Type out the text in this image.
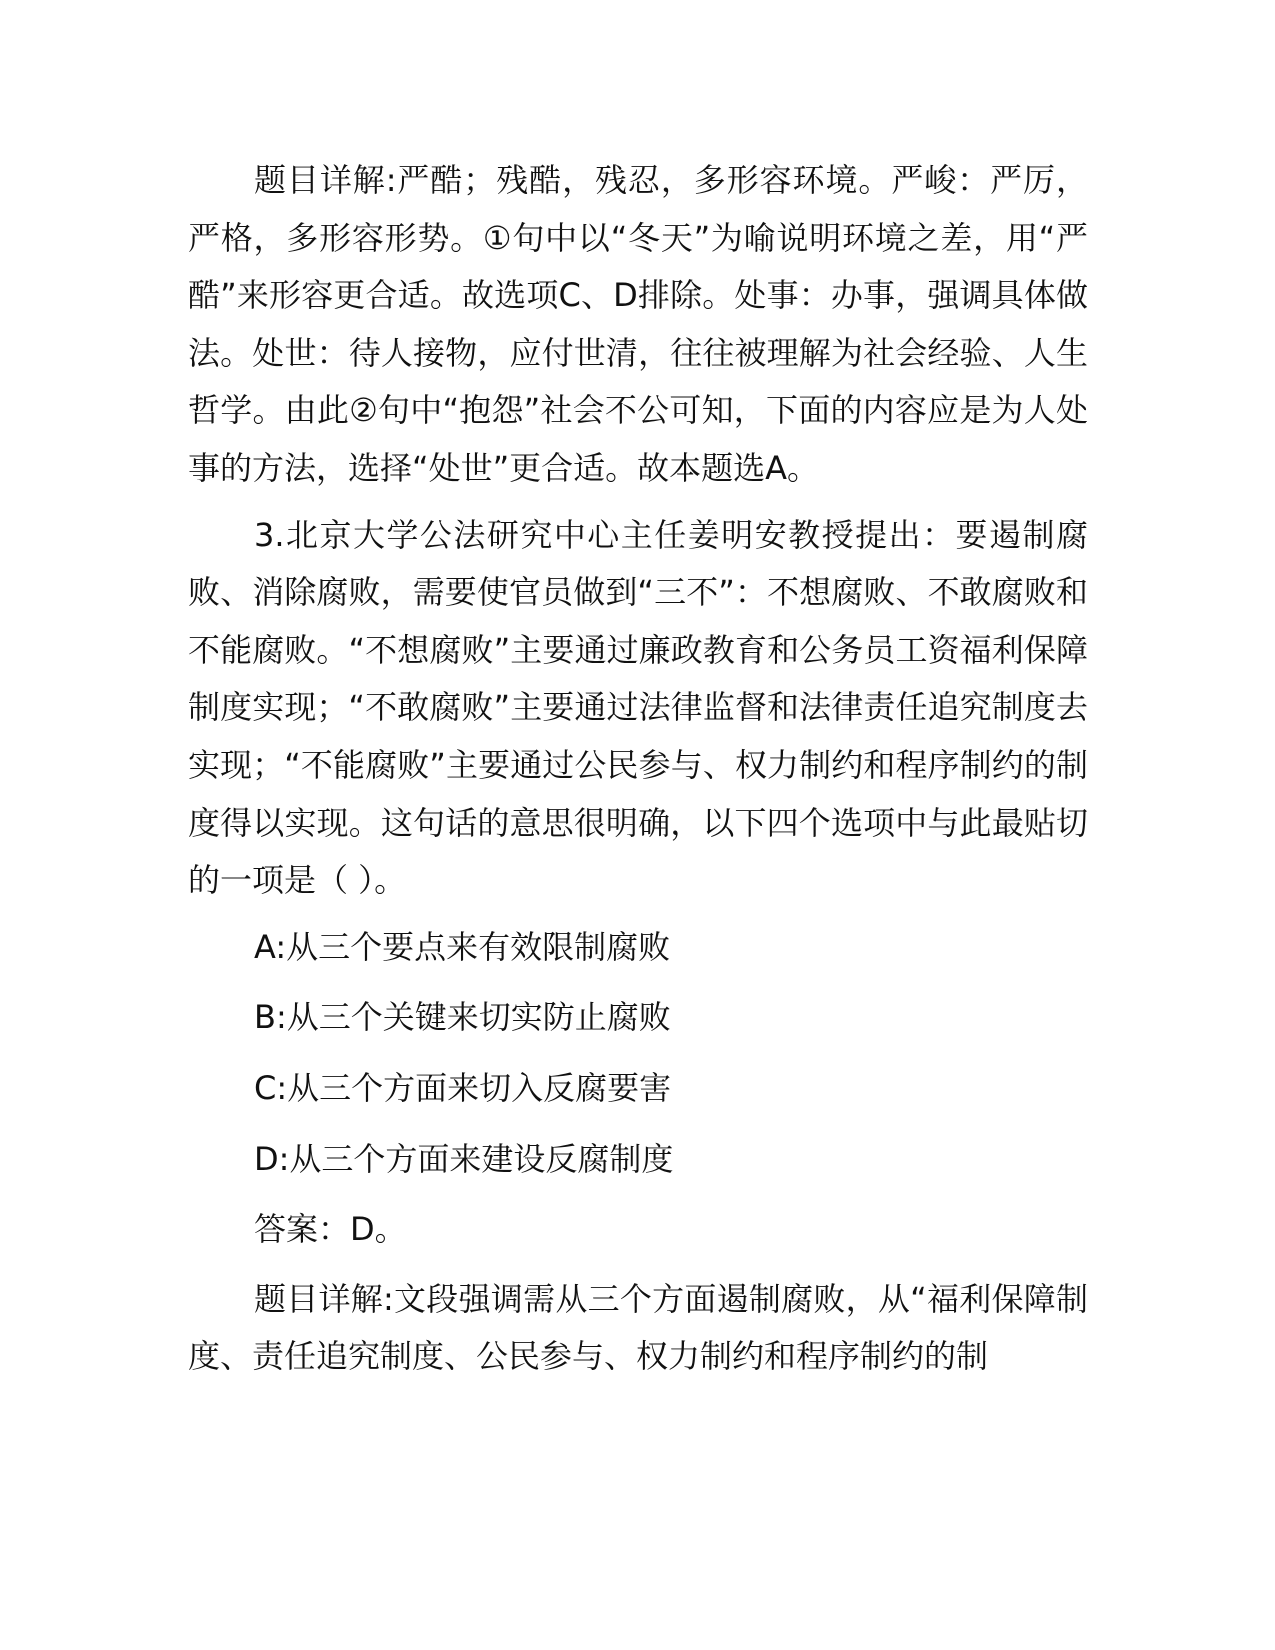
题目详解:严酷；残酷，残忍，多形容环境。严峻：严厉，严格，多形容形势。①句中以“冬天”为喻说明环境之差，用“严酷”来形容更合适。故选项C、D排除。处事：办事，强调具体做法。处世：待人接物，应付世清，往往被理解为社会经验、人生哲学。由此②句中“抱怨”社会不公可知，下面的内容应是为人处事的方法，选择“处世”更合适。故本题选A。

3.北京大学公法研究中心主任姜明安教授提出：要遏制腐败、消除腐败，需要使官员做到“三不”：不想腐败、不敢腐败和不能腐败。“不想腐败”主要通过廉政教育和公务员工资福利保障制度实现；“不敢腐败”主要通过法律监督和法律责任追究制度去实现；“不能腐败”主要通过公民参与、权力制约和程序制约的制度得以实现。这句话的意思很明确，以下四个选项中与此最贴切的一项是（ ）。

A:从三个要点来有效限制腐败
B:从三个关键来切实防止腐败
C:从三个方面来切入反腐要害
D:从三个方面来建设反腐制度
答案：D。

题目详解:文段强调需从三个方面遏制腐败，从“福利保障制度、责任追究制度、公民参与、权力制约和程序制约的制
